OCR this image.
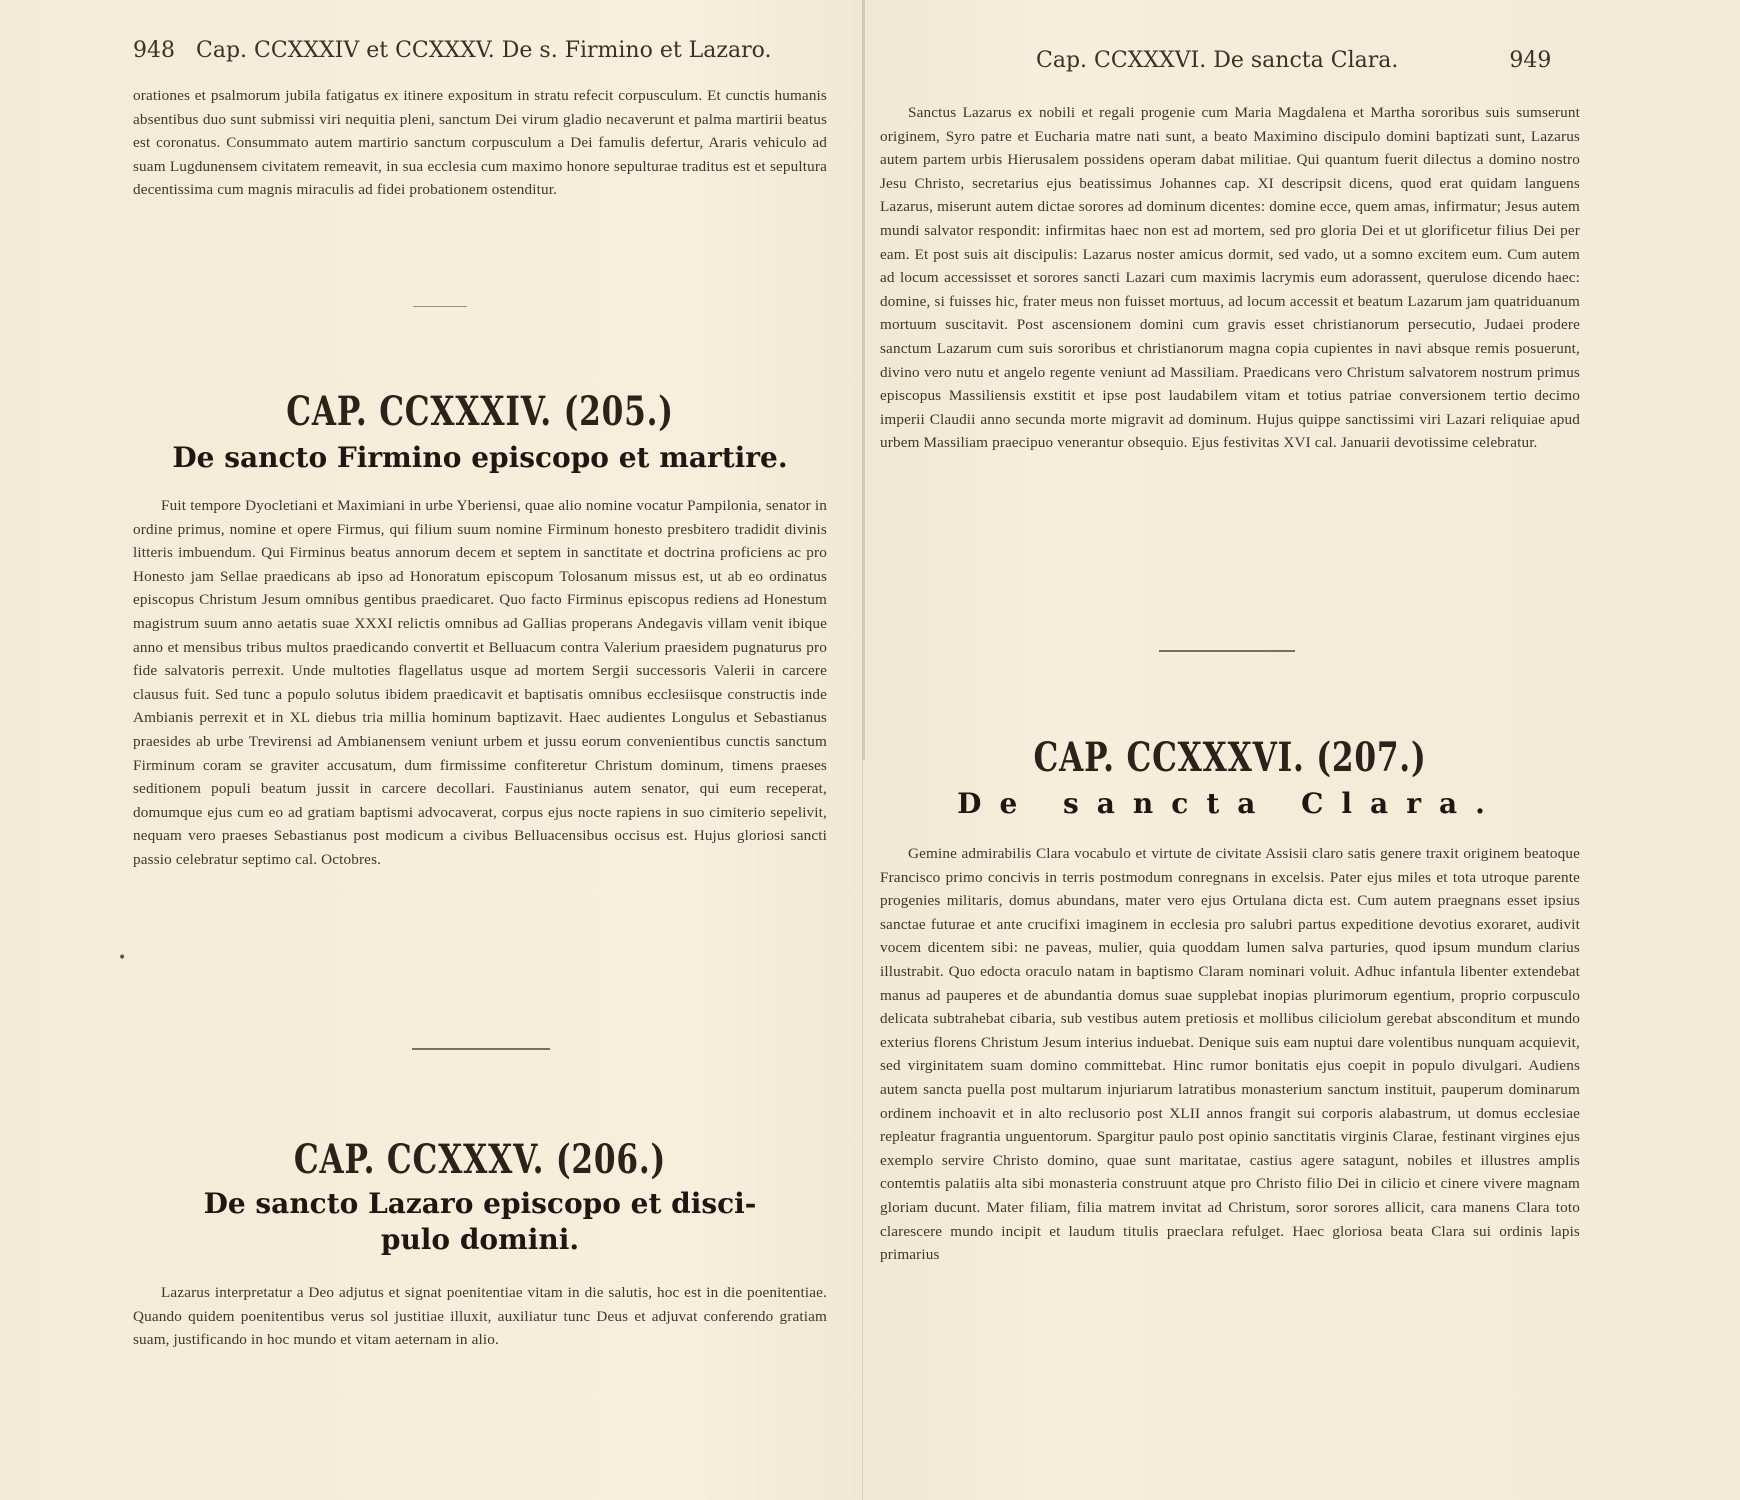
948 Cap. CCXXXIV et CCXXXV. De s. Firmino et Lazaro.

orationes et psalmorum jubila fatigatus ex itinere expositum in stratu refecit corpusculum. Et cunctis humanis absentibus duo sunt submissi viri nequitia pleni, sanctum Dei virum gladio necaverunt et palma martirii beatus est coronatus. Consummato autem martirio sanctum corpusculum a Dei famulis defertur, Araris vehiculo ad suam Lugdunensem civitatem remeavit, in sua ecclesia cum maximo honore sepulturae traditus est et sepultura decentissima cum magnis miraculis ad fidei probationem ostenditur.

CAP. CCXXXIV. (205.)
De sancto Firmino episcopo et martire.

Fuit tempore Dyocletiani et Maximiani in urbe Yberiensi, quae alio nomine vocatur Pampilonia, senator in ordine primus, nomine et opere Firmus, qui filium suum nomine Firminum honesto presbitero tradidit divinis litteris imbuendum. Qui Firminus beatus annorum decem et septem in sanctitate et doctrina proficiens ac pro Honesto jam Sellae praedicans ab ipso ad Honoratum episcopum Tolosanum missus est, ut ab eo ordinatus episcopus Christum Jesum omnibus gentibus praedicaret. Quo facto Firminus episcopus rediens ad Honestum magistrum suum anno aetatis suae XXXI relictis omnibus ad Gallias properans Andegavis villam venit ibique anno et mensibus tribus multos praedicando convertit et Belluacum contra Valerium praesidem pugnaturus pro fide salvatoris perrexit. Unde multoties flagellatus usque ad mortem Sergii successoris Valerii in carcere clausus fuit. Sed tunc a populo solutus ibidem praedicavit et baptisatis omnibus ecclesiisque constructis inde Ambianis perrexit et in XL diebus tria millia hominum baptizavit. Haec audientes Longulus et Sebastianus praesides ab urbe Trevirensi ad Ambianensem veniunt urbem et jussu eorum convenientibus cunctis sanctum Firminum coram se graviter accusatum, dum firmissime confiteretur Christum dominum, timens praeses seditionem populi beatum jussit in carcere decollari. Faustinianus autem senator, qui eum receperat, domumque ejus cum eo ad gratiam baptismi advocaverat, corpus ejus nocte rapiens in suo cimiterio sepelivit, nequam vero praeses Sebastianus post modicum a civibus Belluacensibus occisus est. Hujus gloriosi sancti passio celebratur septimo cal. Octobres.

•
CAP. CCXXXV. (206.)
De sancto Lazaro episcopo et disci-
pulo domini.

Lazarus interpretatur a Deo adjutus et signat poenitentiae vitam in die salutis, hoc est in die poenitentiae. Quando quidem poenitentibus verus sol justitiae illuxit, auxiliatur tunc Deus et adjuvat conferendo gratiam suam, justificando in hoc mundo et vitam aeternam in alio.

Cap. CCXXXVI. De sancta Clara.	949

Sanctus Lazarus ex nobili et regali progenie cum Maria Magdalena et Martha sororibus suis sumserunt originem, Syro patre et Eucharia matre nati sunt, a beato Maximino discipulo domini baptizati sunt, Lazarus autem partem urbis Hierusalem possidens operam dabat militiae. Qui quantum fuerit dilectus a domino nostro Jesu Christo, secretarius ejus beatissimus Johannes cap. XI descripsit dicens, quod erat quidam languens Lazarus, miserunt autem dictae sorores ad dominum dicentes: domine ecce, quem amas, infirmatur; Jesus autem mundi salvator respondit: infirmitas haec non est ad mortem, sed pro gloria Dei et ut glorificetur filius Dei per eam. Et post suis ait discipulis: Lazarus noster amicus dormit, sed vado, ut a somno excitem eum. Cum autem ad locum accessisset et sorores sancti Lazari cum maximis lacrymis eum adorassent, querulose dicendo haec: domine, si fuisses hic, frater meus non fuisset mortuus, ad locum accessit et beatum Lazarum jam quatriduanum mortuum suscitavit. Post ascensionem domini cum gravis esset christianorum persecutio, Judaei prodere sanctum Lazarum cum suis sororibus et christianorum magna copia cupientes in navi absque remis posuerunt, divino vero nutu et angelo regente veniunt ad Massiliam. Praedicans vero Christum salvatorem nostrum primus episcopus Massiliensis exstitit et ipse post laudabilem vitam et totius patriae conversionem tertio decimo imperii Claudii anno secunda morte migravit ad dominum. Hujus quippe sanctissimi viri Lazari reliquiae apud urbem Massiliam praecipuo venerantur obsequio. Ejus festivitas XVI cal. Januarii devotissime celebratur.

CAP. CCXXXVI. (207.)
De sancta Clara.

Gemine admirabilis Clara vocabulo et virtute de civitate Assisii claro satis genere traxit originem beatoque Francisco primo concivis in terris postmodum conregnans in excelsis. Pater ejus miles et tota utroque parente progenies militaris, domus abundans, mater vero ejus Ortulana dicta est. Cum autem praegnans esset ipsius sanctae futurae et ante crucifixi imaginem in ecclesia pro salubri partus expeditione devotius exoraret, audivit vocem dicentem sibi: ne paveas, mulier, quia quoddam lumen salva parturies, quod ipsum mundum clarius illustrabit. Quo edocta oraculo natam in baptismo Claram nominari voluit. Adhuc infantula libenter extendebat manus ad pauperes et de abundantia domus suae supplebat inopias plurimorum egentium, proprio corpusculo delicata subtrahebat cibaria, sub vestibus autem pretiosis et mollibus ciliciolum gerebat absconditum et mundo exterius florens Christum Jesum interius induebat. Denique suis eam nuptui dare volentibus nunquam acquievit, sed virginitatem suam domino committebat. Hinc rumor bonitatis ejus coepit in populo divulgari. Audiens autem sancta puella post multarum injuriarum latratibus monasterium sanctum instituit, pauperum dominarum ordinem inchoavit et in alto reclusorio post XLII annos frangit sui corporis alabastrum, ut domus ecclesiae repleatur fragrantia unguentorum. Spargitur paulo post opinio sanctitatis virginis Clarae, festinant virgines ejus exemplo servire Christo domino, quae sunt maritatae, castius agere satagunt, nobiles et illustres amplis contemtis palatiis alta sibi monasteria construunt atque pro Christo filio Dei in cilicio et cinere vivere magnam gloriam ducunt. Mater filiam, filia matrem invitat ad Christum, soror sorores allicit, cara manens Clara toto clarescere mundo incipit et laudum titulis praeclara refulget. Haec gloriosa beata Clara sui ordinis lapis primarius
